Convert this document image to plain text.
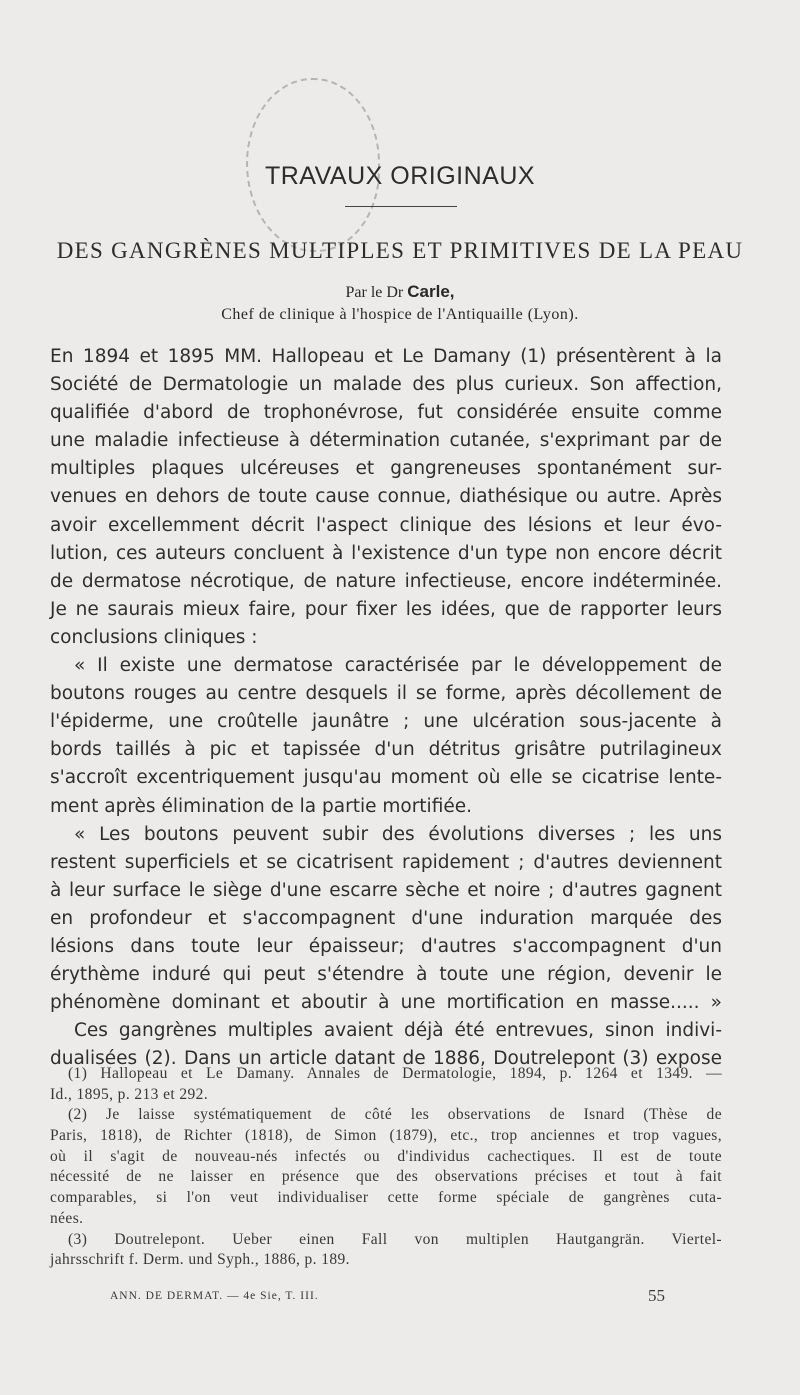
TRAVAUX ORIGINAUX
DES GANGRÈNES MULTIPLES ET PRIMITIVES DE LA PEAU
Par le Dr Carle,
Chef de clinique à l'hospice de l'Antiquaille (Lyon).
En 1894 et 1895 MM. Hallopeau et Le Damany (1) présentèrent à la
Société de Dermatologie un malade des plus curieux. Son affection,
qualifiée d'abord de trophonévrose, fut considérée ensuite comme
une maladie infectieuse à détermination cutanée, s'exprimant par de
multiples plaques ulcéreuses et gangreneuses spontanément sur-
venues en dehors de toute cause connue, diathésique ou autre. Après
avoir excellemment décrit l'aspect clinique des lésions et leur évo-
lution, ces auteurs concluent à l'existence d'un type non encore décrit
de dermatose nécrotique, de nature infectieuse, encore indéterminée.
Je ne saurais mieux faire, pour fixer les idées, que de rapporter leurs
conclusions cliniques :
« Il existe une dermatose caractérisée par le développement de
boutons rouges au centre desquels il se forme, après décollement de
l'épiderme, une croûtelle jaunâtre ; une ulcération sous-jacente à
bords taillés à pic et tapissée d'un détritus grisâtre putrilagineux
s'accroît excentriquement jusqu'au moment où elle se cicatrise lente-
ment après élimination de la partie mortifiée.
« Les boutons peuvent subir des évolutions diverses ; les uns
restent superficiels et se cicatrisent rapidement ; d'autres deviennent
à leur surface le siège d'une escarre sèche et noire ; d'autres gagnent
en profondeur et s'accompagnent d'une induration marquée des
lésions dans toute leur épaisseur; d'autres s'accompagnent d'un
érythème induré qui peut s'étendre à toute une région, devenir le
phénomène dominant et aboutir à une mortification en masse..... »
Ces gangrènes multiples avaient déjà été entrevues, sinon indivi-
dualisées (2). Dans un article datant de 1886, Doutrelepont (3) expose
(1) Hallopeau et Le Damany. Annales de Dermatologie, 1894, p. 1264 et 1349. —
Id., 1895, p. 213 et 292.
(2) Je laisse systématiquement de côté les observations de Isnard (Thèse de
Paris, 1818), de Richter (1818), de Simon (1879), etc., trop anciennes et trop vagues,
où il s'agit de nouveau-nés infectés ou d'individus cachectiques. Il est de toute
nécessité de ne laisser en présence que des observations précises et tout à fait
comparables, si l'on veut individualiser cette forme spéciale de gangrènes cuta-
nées.
(3) Doutrelepont. Ueber einen Fall von multiplen Hautgangrän. Viertel-
jahrsschrift f. Derm. und Syph., 1886, p. 189.
ANN. DE DERMAT. — 4e Sie, T. III.	55
